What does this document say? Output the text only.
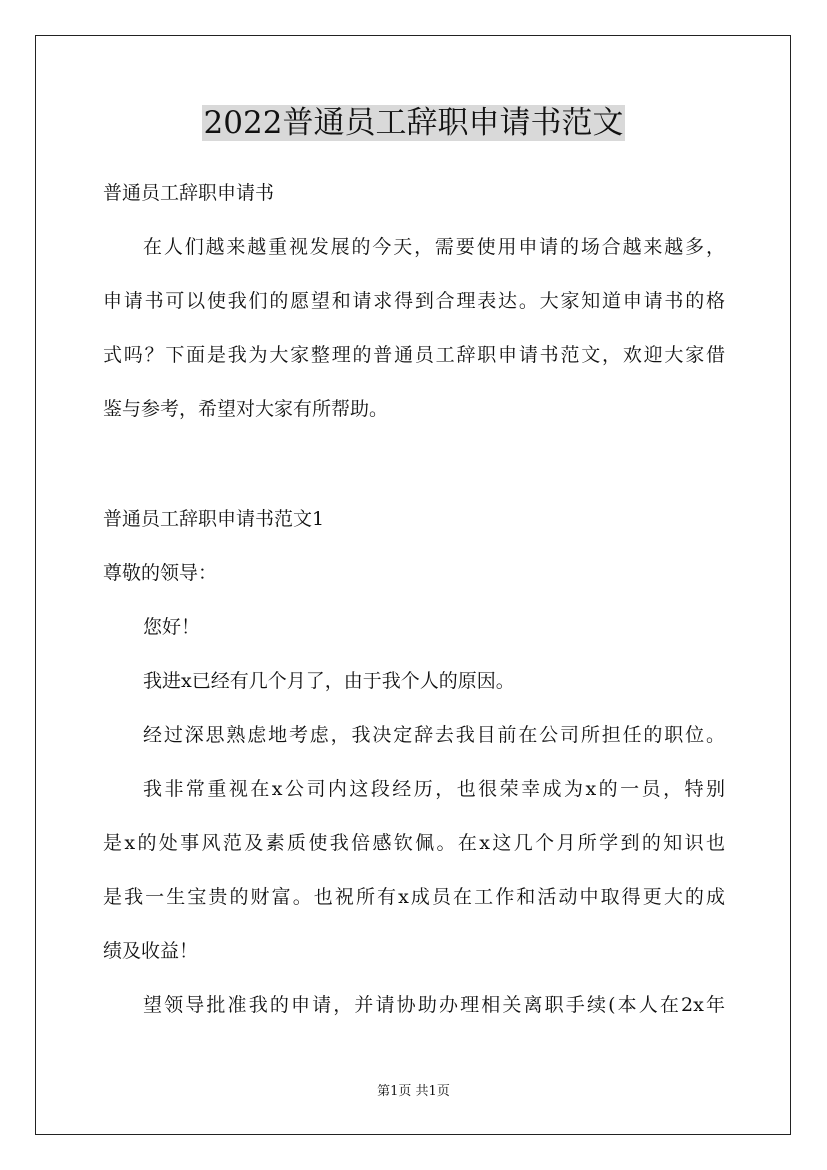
2022普通员工辞职申请书范文
普通员工辞职申请书
在人们越来越重视发展的今天，需要使用申请的场合越来越多，
申请书可以使我们的愿望和请求得到合理表达。大家知道申请书的格
式吗？下面是我为大家整理的普通员工辞职申请书范文，欢迎大家借
鉴与参考，希望对大家有所帮助。
普通员工辞职申请书范文1
尊敬的领导：
您好！
我进x已经有几个月了，由于我个人的原因。
经过深思熟虑地考虑，我决定辞去我目前在公司所担任的职位。
我非常重视在x公司内这段经历，也很荣幸成为x的一员，特别
是x的处事风范及素质使我倍感钦佩。在x这几个月所学到的知识也
是我一生宝贵的财富。也祝所有x成员在工作和活动中取得更大的成
绩及收益！
望领导批准我的申请，并请协助办理相关离职手续(本人在2x年
第1页 共1页
